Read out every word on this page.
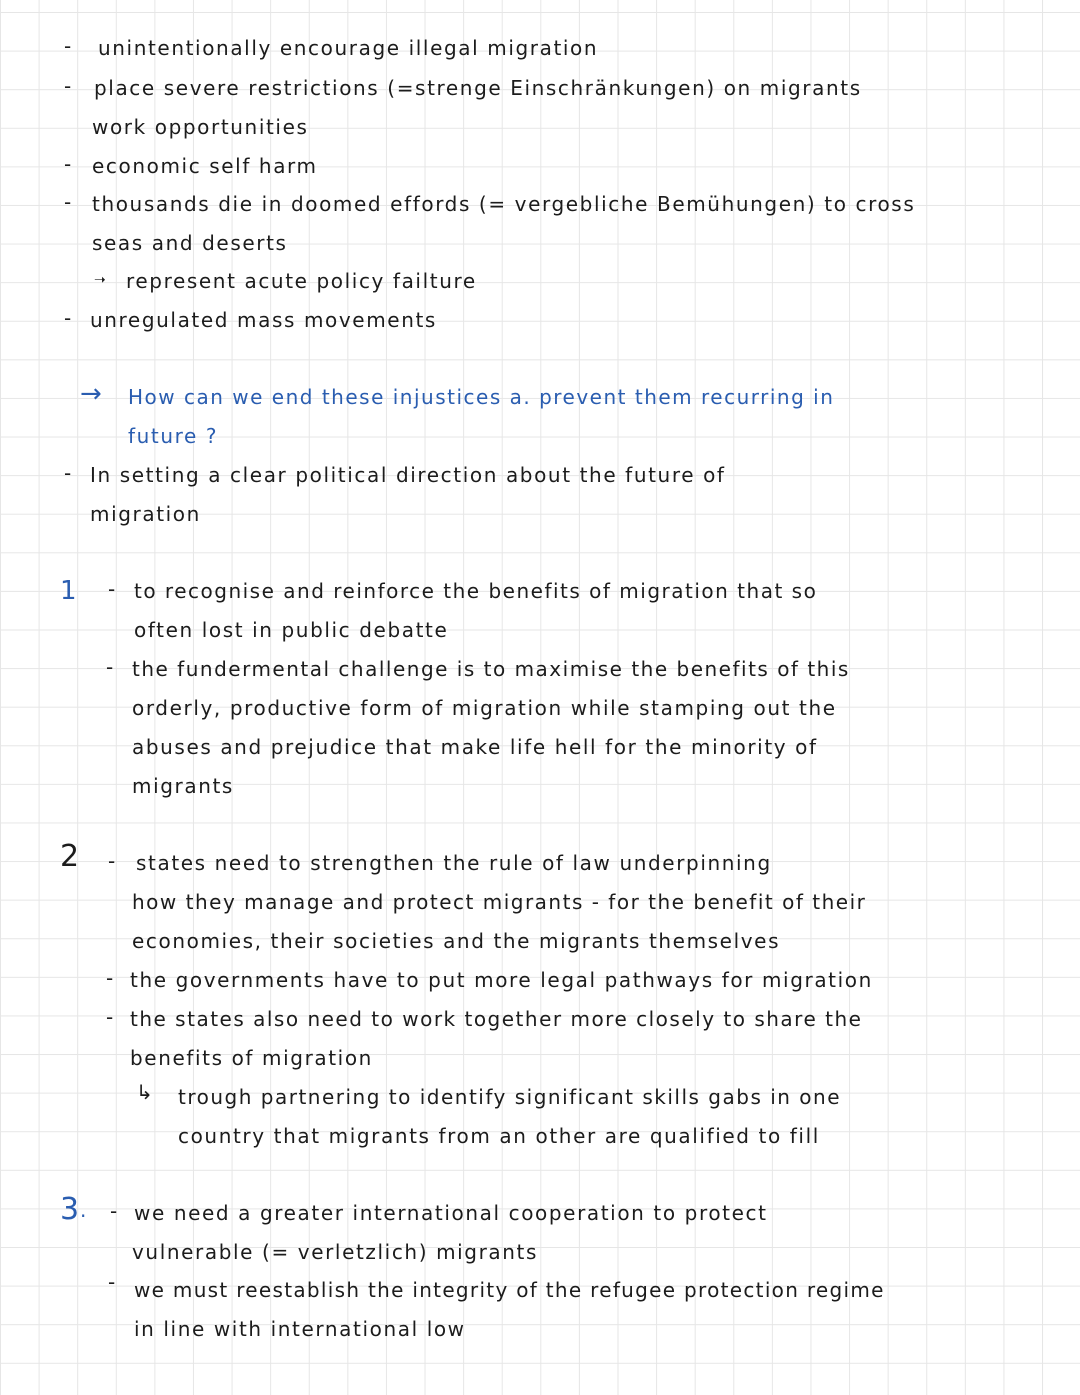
- unintentionally encourage illegal migration
- place severe restrictions (=strenge Einschränkungen) on migrants
work opportunities
- economic self harm
- thousands die in doomed effords (= vergebliche Bemühungen) to cross
seas and deserts
➝ represent acute policy failture
- unregulated mass movements
→ How can we end these injustices a. prevent them recurring in
future ?
- In setting a clear political direction about the future of
migration
1 - to recognise and reinforce the benefits of migration that so
often lost in public debatte
- the fundermental challenge is to maximise the benefits of this
orderly, productive form of migration while stamping out the
abuses and prejudice that make life hell for the minority of
migrants
2 - states need to strengthen the rule of law underpinning
how they manage and protect migrants - for the benefit of their
economies, their societies and the migrants themselves
- the governments have to put more legal pathways for migration
- the states also need to work together more closely to share the
benefits of migration
↳ trough partnering to identify significant skills gabs in one
country that migrants from an other are qualified to fill
3 . - we need a greater international cooperation to protect
vulnerable (= verletzlich) migrants
- we must reestablish the integrity of the refugee protection regime
in line with international low
